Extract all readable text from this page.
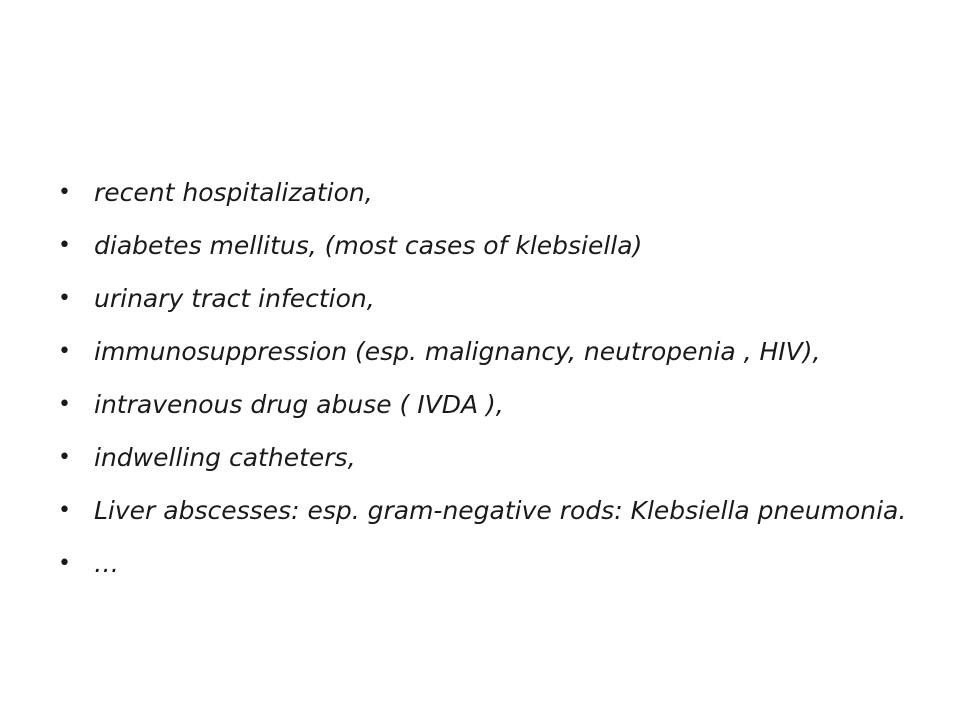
• recent hospitalization,
• diabetes mellitus, (most cases of klebsiella)
• urinary tract infection,
• immunosuppression (esp. malignancy, neutropenia , HIV),
• intravenous drug abuse ( IVDA ),
• indwelling catheters,
• Liver abscesses: esp. gram-negative rods: Klebsiella pneumonia.
• …
